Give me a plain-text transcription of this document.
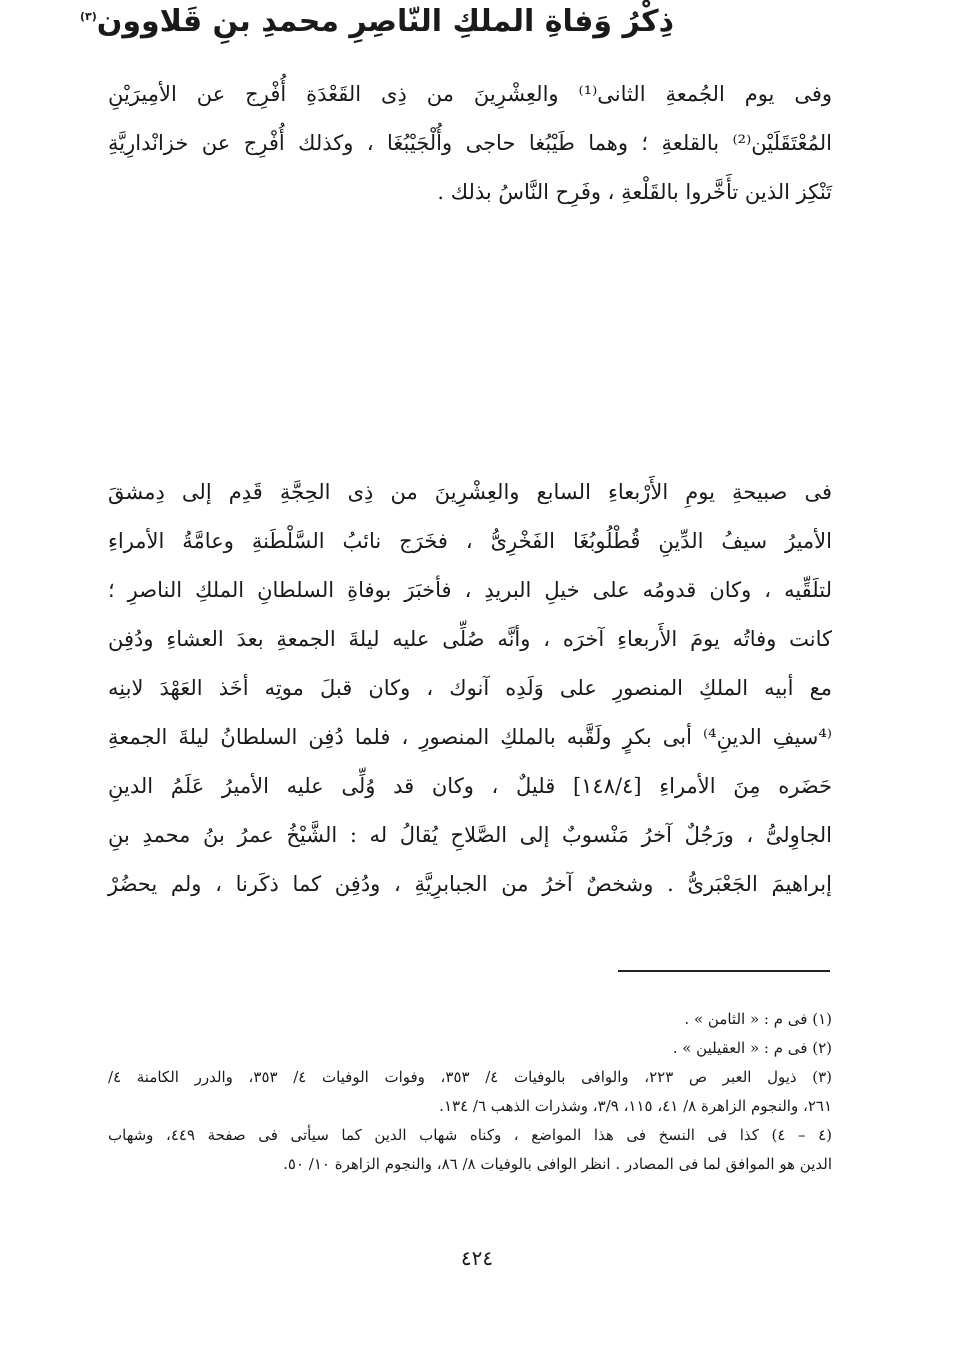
وفى يوم الجُمعةِ الثانى⁽¹⁾ والعِشْرِينَ من ذِى القَعْدَةِ أُفْرِج عن الأمِيرَيْنِ
المُعْتَقَلَيْن⁽²⁾ بالقلعةِ ؛ وهما طَيْبُغا حاجى وأُلْجَيْبُغَا ، وكذلك أُفْرِج عن خزانْدارِيَّةِ
تَنْكِز الذين تأَخَّروا بالقَلْعةِ ، وفَرِح النَّاسُ بذلك .
ذِكْرُ وَفاةِ الملكِ النّاصِرِ محمدِ بنِ قَلاوون$^{(٣)}$
فى صبيحةِ يومِ الأَرْبعاءِ السابع والعِشْرِينَ من ذِى الحِجَّةِ قَدِم إلى دِمشقَ
الأميرُ سيفُ الدِّينِ قُطْلُوبُغَا الفَخْرِىُّ ، فخَرَج نائبُ السَّلْطَنةِ وعامَّةُ الأمراءِ
لتلَقِّيه ، وكان قدومُه على خيلِ البريدِ ، فأخبَرَ بوفاةِ السلطانِ الملكِ الناصرِ ؛
كانت وفاتُه يومَ الأَربعاءِ آخرَه ، وأنَّه صُلِّى عليه ليلةَ الجمعةِ بعدَ العشاءِ ودُفِن
مع أبيه الملكِ المنصورِ على وَلَدِه آنوك ، وكان قبلَ موتِه أخَذ العَهْدَ لابنِه
⁽⁴سيفِ الدينِ⁴⁾ أبى بكرٍ ولَقَّبه بالملكِ المنصورِ ، فلما دُفِن السلطانُ ليلةَ الجمعةِ
حَضَره مِنَ الأمراءِ [١٤٨/٤] قليلٌ ، وكان قد وُلِّى عليه الأميرُ عَلَمُ الدينِ
الجاوِلىُّ ، ورَجُلٌ آخرُ مَنْسوبٌ إلى الصَّلاحِ يُقالُ له : الشَّيْخُ عمرُ بنُ محمدِ بنِ
إبراهيمَ الجَعْبَرىُّ . وشخصٌ آخرُ من الجبابرِيَّةِ ، ودُفِن كما ذكَرنا ، ولم يحضُرْ
(١) فى م : « الثامن » .
(٢) فى م : « العقيلين » .
(٣) ذيول العبر ص ٢٢٣، والوافى بالوفيات ٤/ ٣٥٣، وفوات الوفيات ٤/ ٣٥٣، والدرر الكامنة ٤/
٢٦١، والنجوم الزاهرة ٨/ ٤١، ١١٥، ٣/٩، وشذرات الذهب ٦/ ١٣٤.
(٤ – ٤) كذا فى النسخ فى هذا المواضع ، وكناه شهاب الدين كما سيأتى فى صفحة ٤٤٩، وشهاب
الدين هو الموافق لما فى المصادر . انظر الوافى بالوفيات ٨/ ٨٦، والنجوم الزاهرة ١٠/ ٥٠.
٤٢٤
